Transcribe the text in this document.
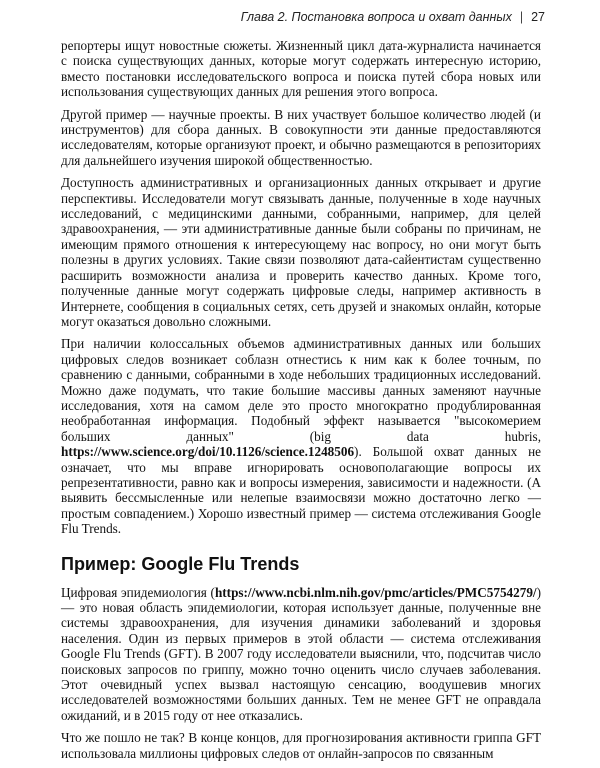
Глава 2. Постановка вопроса и охват данных | 27

репортеры ищут новостные сюжеты. Жизненный цикл дата-журналиста начинается с поиска существующих данных, которые могут содержать интересную историю, вместо постановки исследовательского вопроса и поиска путей сбора новых или использования существующих данных для решения этого вопроса.

Другой пример — научные проекты. В них участвует большое количество людей (и инструментов) для сбора данных. В совокупности эти данные предоставляются исследователям, которые организуют проект, и обычно размещаются в репозиториях для дальнейшего изучения широкой общественностью.

Доступность административных и организационных данных открывает и другие перспективы. Исследователи могут связывать данные, полученные в ходе научных исследований, с медицинскими данными, собранными, например, для целей здравоохранения, — эти административные данные были собраны по причинам, не имеющим прямого отношения к интересующему нас вопросу, но они могут быть полезны в других условиях. Такие связи позволяют дата-сайентистам существенно расширить возможности анализа и проверить качество данных. Кроме того, полученные данные могут содержать цифровые следы, например активность в Интернете, сообщения в социальных сетях, сеть друзей и знакомых онлайн, которые могут оказаться довольно сложными.

При наличии колоссальных объемов административных данных или больших цифровых следов возникает соблазн отнестись к ним как к более точным, по сравнению с данными, собранными в ходе небольших традиционных исследований. Можно даже подумать, что такие большие массивы данных заменяют научные исследования, хотя на самом деле это просто многократно продублированная необработанная информация. Подобный эффект называется "высокомерием больших данных" (big data hubris, https://www.science.org/doi/10.1126/science.1248506). Большой охват данных не означает, что мы вправе игнорировать основополагающие вопросы их репрезентативности, равно как и вопросы измерения, зависимости и надежности. (А выявить бессмысленные или нелепые взаимосвязи можно достаточно легко — простым совпадением.) Хорошо известный пример — система отслеживания Google Flu Trends.

Пример: Google Flu Trends

Цифровая эпидемиология (https://www.ncbi.nlm.nih.gov/pmc/articles/PMC5754279/) — это новая область эпидемиологии, которая использует данные, полученные вне системы здравоохранения, для изучения динамики заболеваний и здоровья населения. Один из первых примеров в этой области — система отслеживания Google Flu Trends (GFT). В 2007 году исследователи выяснили, что, подсчитав число поисковых запросов по гриппу, можно точно оценить число случаев заболевания. Этот очевидный успех вызвал настоящую сенсацию, воодушевив многих исследователей возможностями больших данных. Тем не менее GFT не оправдала ожиданий, и в 2015 году от нее отказались.

Что же пошло не так? В конце концов, для прогнозирования активности гриппа GFT использовала миллионы цифровых следов от онлайн-запросов по связанным
